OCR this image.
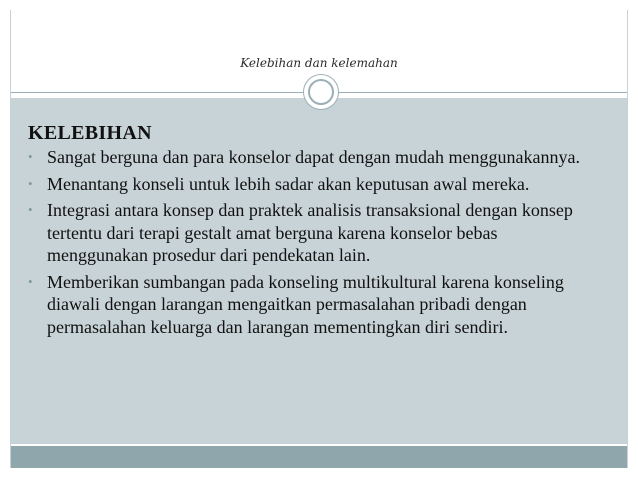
Kelebihan dan kelemahan
KELEBIHAN
• Sangat berguna dan para konselor dapat dengan mudah menggunakannya.
• Menantang konseli untuk lebih sadar akan keputusan awal mereka.
• Integrasi antara konsep dan praktek analisis transaksional dengan konsep tertentu dari terapi gestalt amat berguna karena konselor bebas menggunakan prosedur dari pendekatan lain.
• Memberikan sumbangan pada konseling multikultural karena konseling diawali dengan larangan mengaitkan permasalahan pribadi dengan permasalahan keluarga dan larangan mementingkan diri sendiri.
